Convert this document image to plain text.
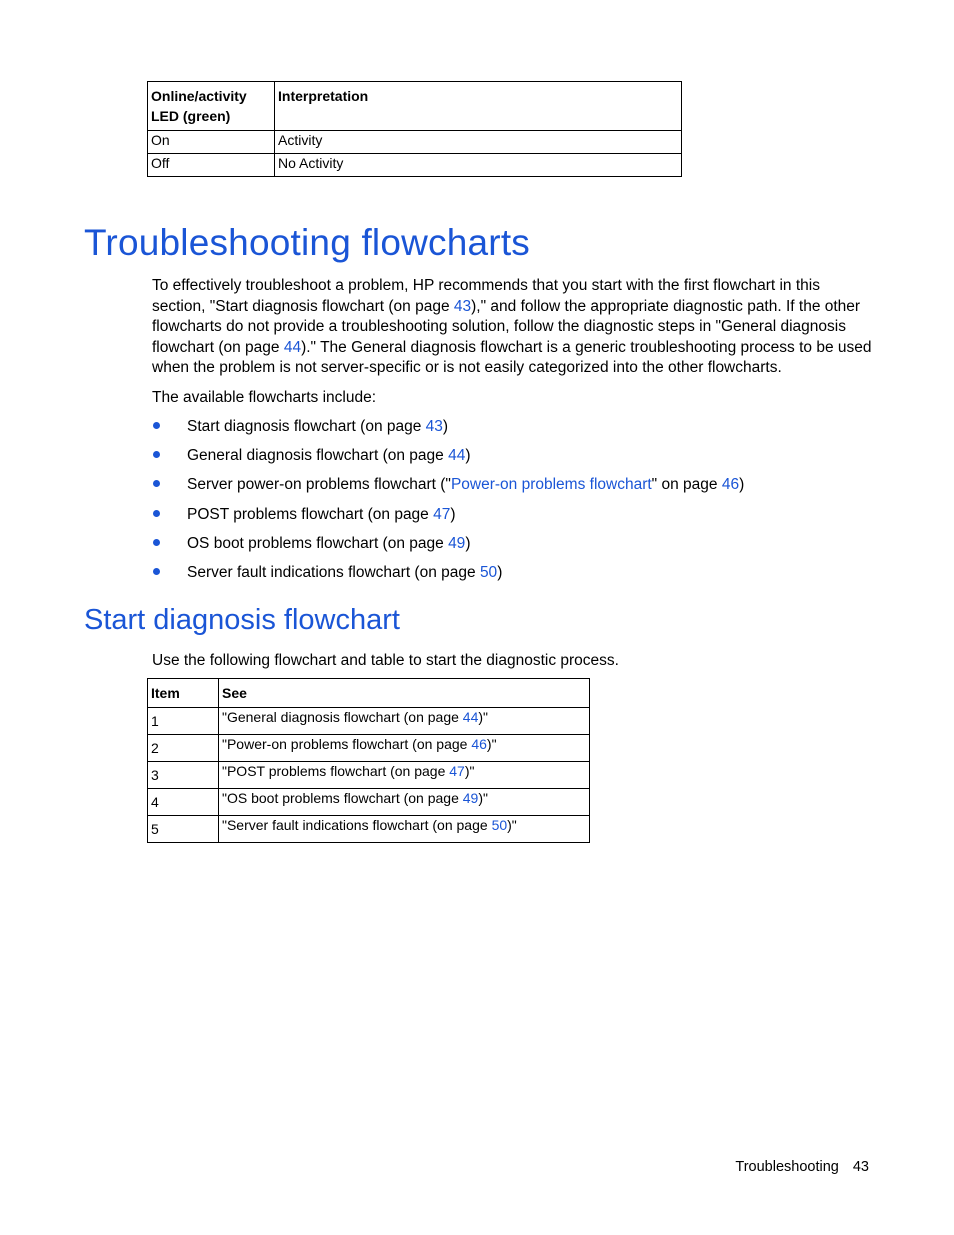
Online/activity LED (green)	Interpretation
On	Activity
Off	No Activity
Troubleshooting flowcharts

To effectively troubleshoot a problem, HP recommends that you start with the first flowchart in this section, "Start diagnosis flowchart (on page 43)," and follow the appropriate diagnostic path. If the other flowcharts do not provide a troubleshooting solution, follow the diagnostic steps in "General diagnosis flowchart (on page 44)." The General diagnosis flowchart is a generic troubleshooting process to be used when the problem is not server-specific or is not easily categorized into the other flowcharts.

The available flowcharts include:

Start diagnosis flowchart (on page 43)
General diagnosis flowchart (on page 44)
Server power-on problems flowchart ("Power-on problems flowchart" on page 46)
POST problems flowchart (on page 47)
OS boot problems flowchart (on page 49)
Server fault indications flowchart (on page 50)
Start diagnosis flowchart

Use the following flowchart and table to start the diagnostic process.

Item	See
1	"General diagnosis flowchart (on page 44)"
2	"Power-on problems flowchart (on page 46)"
3	"POST problems flowchart (on page 47)"
4	"OS boot problems flowchart (on page 49)"
5	"Server fault indications flowchart (on page 50)"
Troubleshooting 43
